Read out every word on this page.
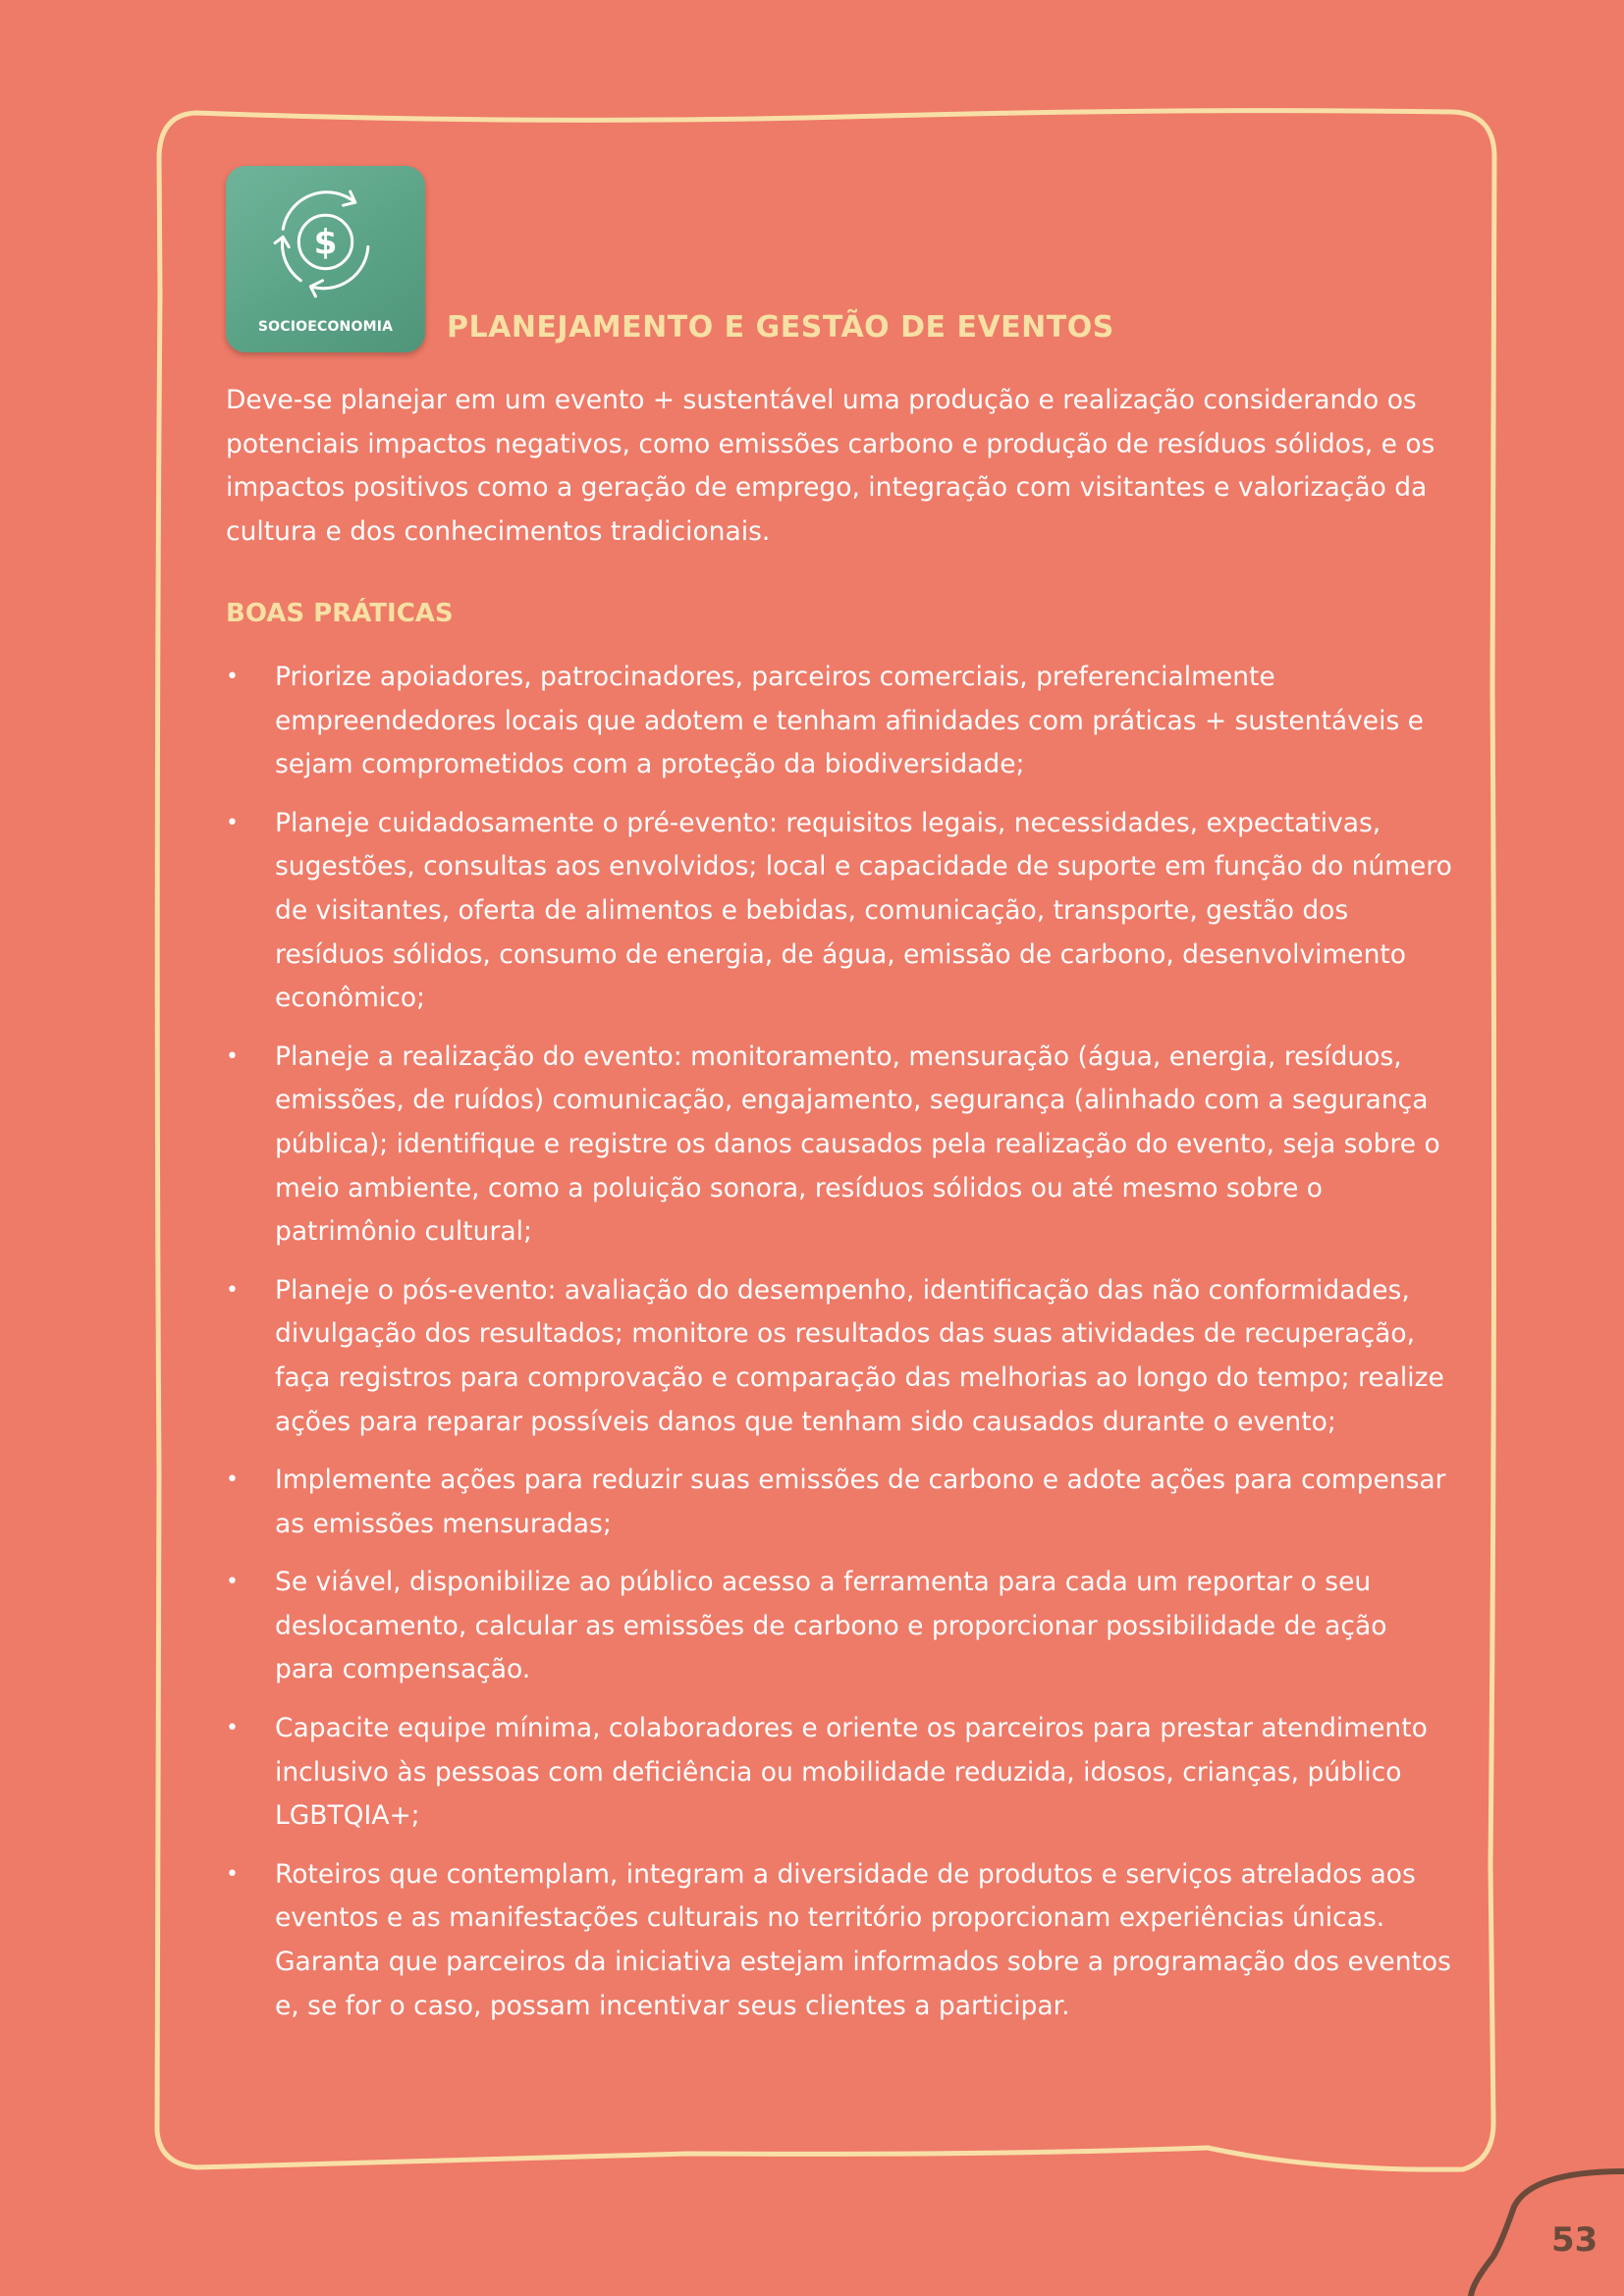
$
SOCIOECONOMIA	PLANEJAMENTO E GESTÃO DE EVENTOS

Deve-se planejar em um evento + sustentável uma produção e realização considerando os potenciais impactos negativos, como emissões carbono e produção de resíduos sólidos, e os impactos positivos como a geração de emprego, integração com visitantes e valorização da cultura e dos conhecimentos tradicionais.

BOAS PRÁTICAS
• Priorize apoiadores, patrocinadores, parceiros comerciais, preferencialmente empreendedores locais que adotem e tenham afinidades com práticas + sustentáveis e sejam comprometidos com a proteção da biodiversidade;
• Planeje cuidadosamente o pré-evento: requisitos legais, necessidades, expectativas, sugestões, consultas aos envolvidos; local e capacidade de suporte em função do número de visitantes, oferta de alimentos e bebidas, comunicação, transporte, gestão dos resíduos sólidos, consumo de energia, de água, emissão de carbono, desenvolvimento econômico;
• Planeje a realização do evento: monitoramento, mensuração (água, energia, resíduos, emissões, de ruídos) comunicação, engajamento, segurança (alinhado com a segurança pública); identifique e registre os danos causados pela realização do evento, seja sobre o meio ambiente, como a poluição sonora, resíduos sólidos ou até mesmo sobre o patrimônio cultural;
• Planeje o pós-evento: avaliação do desempenho, identificação das não conformidades, divulgação dos resultados; monitore os resultados das suas atividades de recuperação, faça registros para comprovação e comparação das melhorias ao longo do tempo; realize ações para reparar possíveis danos que tenham sido causados durante o evento;
• Implemente ações para reduzir suas emissões de carbono e adote ações para compensar as emissões mensuradas;
• Se viável, disponibilize ao público acesso a ferramenta para cada um reportar o seu deslocamento, calcular as emissões de carbono e proporcionar possibilidade de ação para compensação.
• Capacite equipe mínima, colaboradores e oriente os parceiros para prestar atendimento inclusivo às pessoas com deficiência ou mobilidade reduzida, idosos, crianças, público LGBTQIA+;
• Roteiros que contemplam, integram a diversidade de produtos e serviços atrelados aos eventos e as manifestações culturais no território proporcionam experiências únicas. Garanta que parceiros da iniciativa estejam informados sobre a programação dos eventos e, se for o caso, possam incentivar seus clientes a participar.
53
